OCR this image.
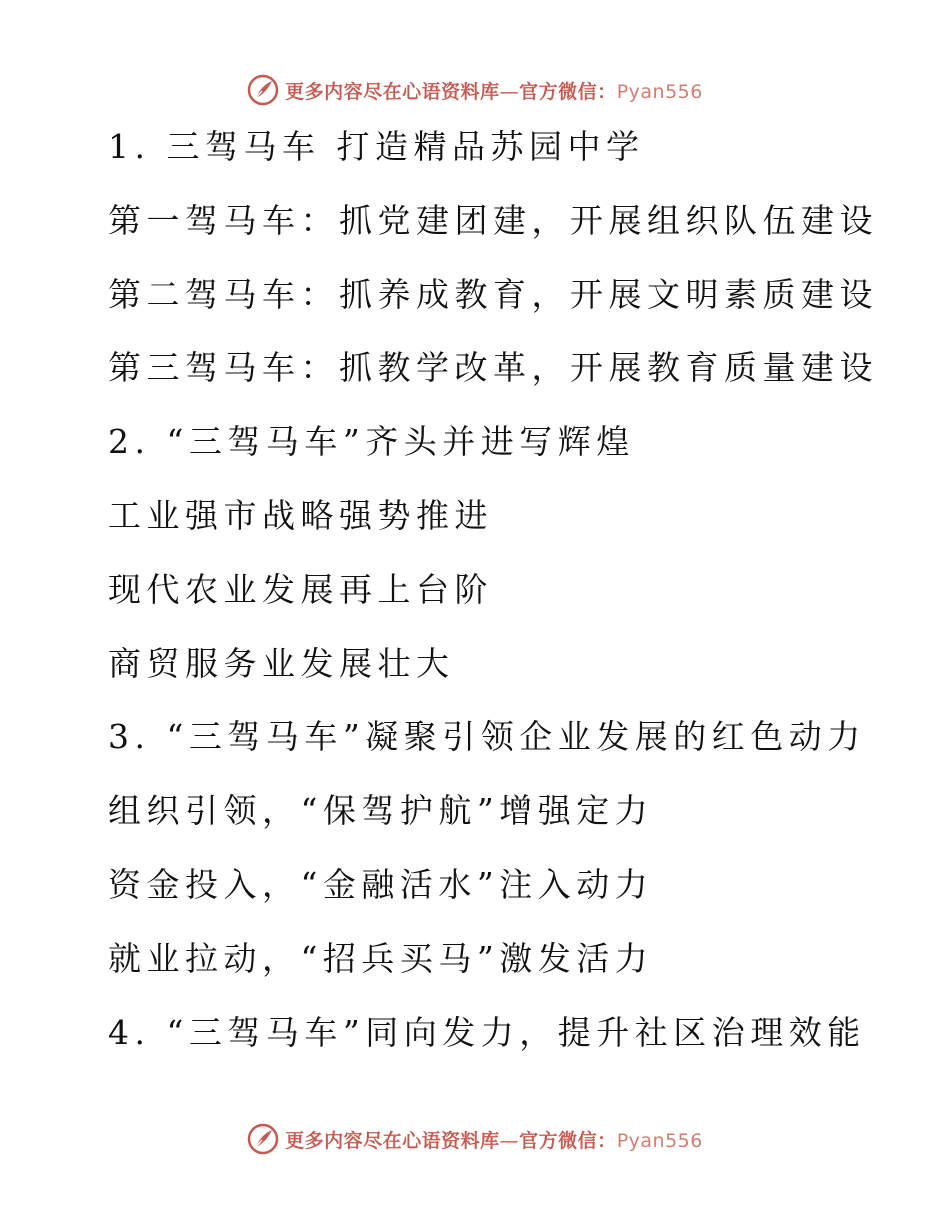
更多内容尽在心语资料库—官方微信：Pyan556
1. 三驾马车 打造精品苏园中学
第一驾马车：抓党建团建，开展组织队伍建设
第二驾马车：抓养成教育，开展文明素质建设
第三驾马车：抓教学改革，开展教育质量建设
2. “三驾马车”齐头并进写辉煌
工业强市战略强势推进
现代农业发展再上台阶
商贸服务业发展壮大
3. “三驾马车”凝聚引领企业发展的红色动力
组织引领，“保驾护航”增强定力
资金投入，“金融活水”注入动力
就业拉动，“招兵买马”激发活力
4. “三驾马车”同向发力，提升社区治理效能
更多内容尽在心语资料库—官方微信：Pyan556
